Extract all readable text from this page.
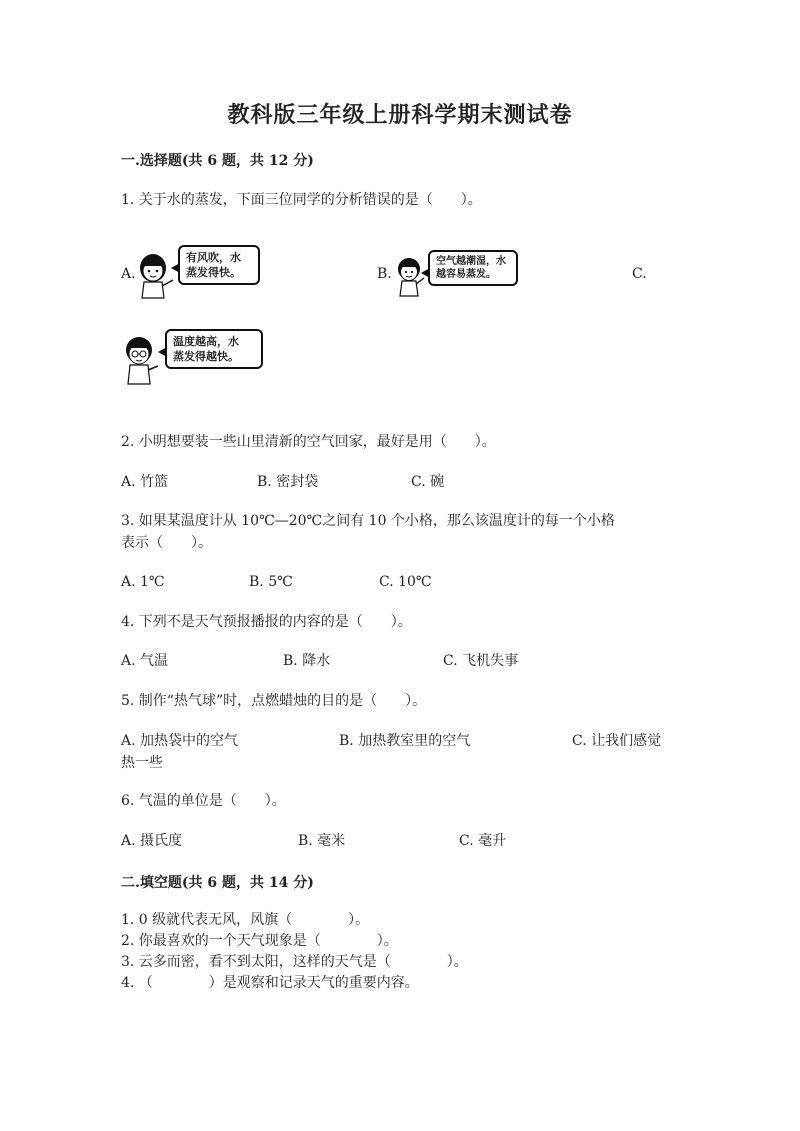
教科版三年级上册科学期末测试卷
一.选择题(共 6 题，共 12 分)
1. 关于水的蒸发，下面三位同学的分析错误的是（　　）。
A.
有风吹，水
蒸发得快。	B.
空气越潮湿，水
越容易蒸发。	C.
温度越高，水
蒸发得越快。
2. 小明想要装一些山里清新的空气回家，最好是用（　　）。
A. 竹篮	B. 密封袋	C. 碗
3. 如果某温度计从 10℃—20℃之间有 10 个小格，那么该温度计的每一个小格
表示（　　）。
A. 1℃	B. 5℃	C. 10℃
4. 下列不是天气预报播报的内容的是（　　）。
A. 气温	B. 降水	C. 飞机失事
5. 制作“热气球”时，点燃蜡烛的目的是（　　）。
A. 加热袋中的空气	B. 加热教室里的空气	C. 让我们感觉
热一些
6. 气温的单位是（　　）。
A. 摄氏度	B. 毫米	C. 毫升
二.填空题(共 6 题，共 14 分)
1. 0 级就代表无风，风旗（　　　　）。
2. 你最喜欢的一个天气现象是（　　　　）。
3. 云多而密，看不到太阳，这样的天气是（　　　　）。
4. （　　　　）是观察和记录天气的重要内容。
